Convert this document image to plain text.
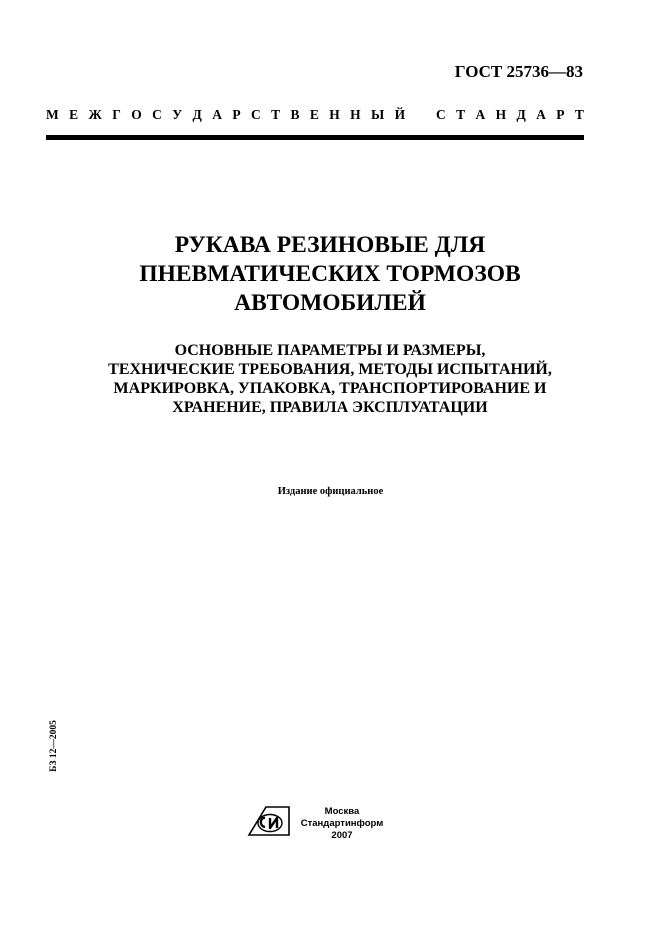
ГОСТ 25736—83
М Е Ж Г О С У Д А Р С Т В Е Н Н Ы Й С Т А Н Д А Р Т
РУКАВА РЕЗИНОВЫЕ ДЛЯ
ПНЕВМАТИЧЕСКИХ ТОРМОЗОВ
АВТОМОБИЛЕЙ
ОСНОВНЫЕ ПАРАМЕТРЫ И РАЗМЕРЫ,
ТЕХНИЧЕСКИЕ ТРЕБОВАНИЯ, МЕТОДЫ ИСПЫТАНИЙ,
МАРКИРОВКА, УПАКОВКА, ТРАНСПОРТИРОВАНИЕ И
ХРАНЕНИЕ, ПРАВИЛА ЭКСПЛУАТАЦИИ
Издание официальное
БЗ 12—2005
Москва
Стандартинформ
2007
